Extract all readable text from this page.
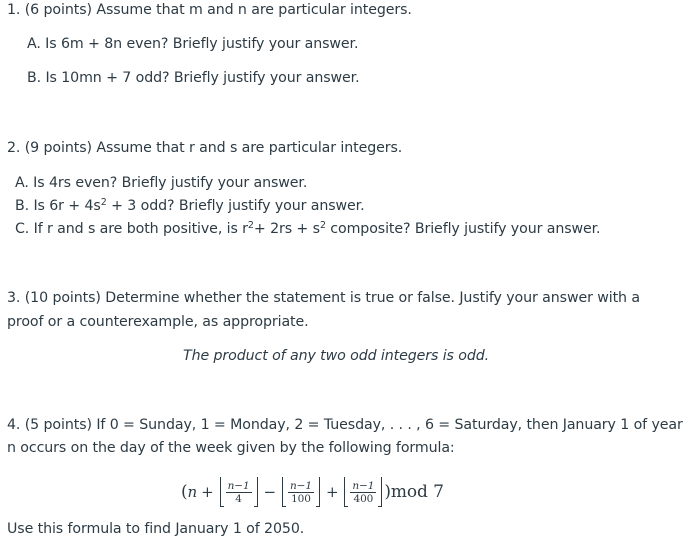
1. (6 points) Assume that m and n are particular integers.
A. Is 6m + 8n even? Briefly justify your answer.
B. Is 10mn + 7 odd? Briefly justify your answer.
2. (9 points) Assume that r and s are particular integers.
A. Is 4rs even? Briefly justify your answer.
B. Is $6r + 4s^2 + 3$ odd? Briefly justify your answer.
C. If r and s are both positive, is $r^2+ 2rs + s^2$ composite? Briefly justify your answer.
3. (10 points) Determine whether the statement is true or false. Justify your answer with a
proof or a counterexample, as appropriate.
The product of any two odd integers is odd.
4. (5 points) If 0 = Sunday, 1 = Monday, 2 = Tuesday, . . . , 6 = Saturday, then January 1 of year
n occurs on the day of the week given by the following formula:
( $n + \frac{n-1}{4} - \frac{n-1}{100} + \frac{n-1}{400} )mod$ 7
Use this formula to find January 1 of 2050.
